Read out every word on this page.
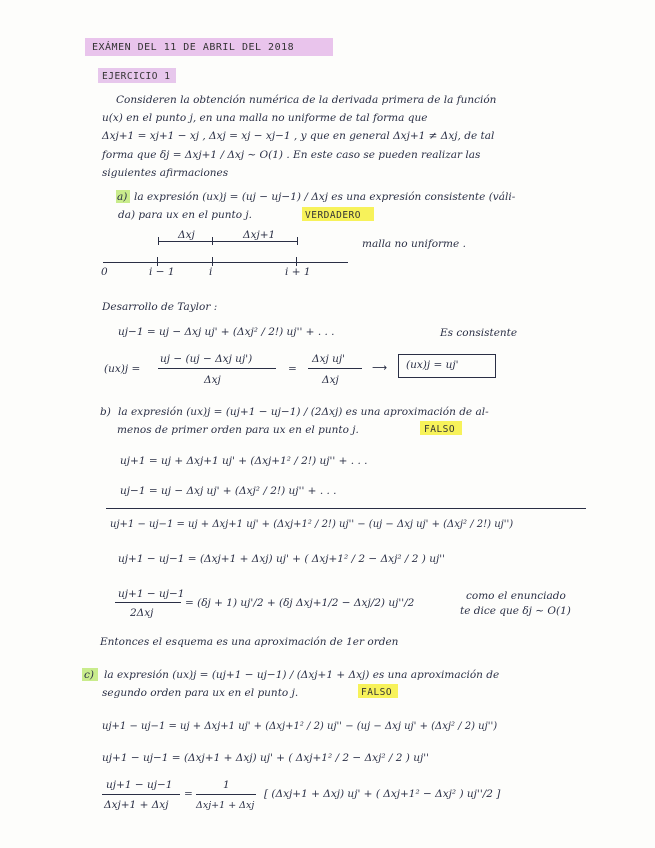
EXÁMEN DEL 11 DE ABRIL DEL 2018
EJERCICIO 1
Consideren la obtención numérica de la derivada primera de la función
u(x) en el punto j, en una malla no uniforme de tal forma que
Δxj+1 = xj+1 − xj , Δxj = xj − xj−1 , y que en general Δxj+1 ≠ Δxj, de tal
forma que δj = Δxj+1 / Δxj ∼ O(1) . En este caso se pueden realizar las
siguientes afirmaciones
a) la expresión (ux)j = (uj − uj−1) / Δxj es una expresión consistente (váli-
da) para ux en el punto j.	VERDADERO
Δxj	Δxj+1
malla no uniforme .
0	i − 1	i	i + 1
Desarrollo de Taylor :
uj−1 = uj − Δxj uj' + (Δxj² / 2!) uj'' + . . .	Es consistente
(ux)j =
uj − (uj − Δxj uj')
Δxj
=
Δxj uj'
Δxj
⟶ (ux)j = uj'
b) la expresión (ux)j = (uj+1 − uj−1) / (2Δxj) es una aproximación de al-
menos de primer orden para ux en el punto j.	FALSO
uj+1 = uj + Δxj+1 uj' + (Δxj+1² / 2!) uj'' + . . .
uj−1 = uj − Δxj uj' + (Δxj² / 2!) uj'' + . . .
uj+1 − uj−1 = uj + Δxj+1 uj' + (Δxj+1² / 2!) uj'' − (uj − Δxj uj' + (Δxj² / 2!) uj'')
uj+1 − uj−1 = (Δxj+1 + Δxj) uj' + ( Δxj+1² / 2 − Δxj² / 2 ) uj''
uj+1 − uj−1
2Δxj
= (δj + 1) uj'/2 + (δj Δxj+1/2 − Δxj/2) uj''/2
como el enunciado
te dice que δj ∼ O(1)
Entonces el esquema es una aproximación de 1er orden
c) la expresión (ux)j = (uj+1 − uj−1) / (Δxj+1 + Δxj) es una aproximación de
segundo orden para ux en el punto j.	FALSO
uj+1 − uj−1 = uj + Δxj+1 uj' + (Δxj+1² / 2) uj'' − (uj − Δxj uj' + (Δxj² / 2) uj'')
uj+1 − uj−1 = (Δxj+1 + Δxj) uj' + ( Δxj+1² / 2 − Δxj² / 2 ) uj''
uj+1 − uj−1
Δxj+1 + Δxj
=
1
Δxj+1 + Δxj
[ (Δxj+1 + Δxj) uj' + ( Δxj+1² − Δxj² ) uj''/2 ]
